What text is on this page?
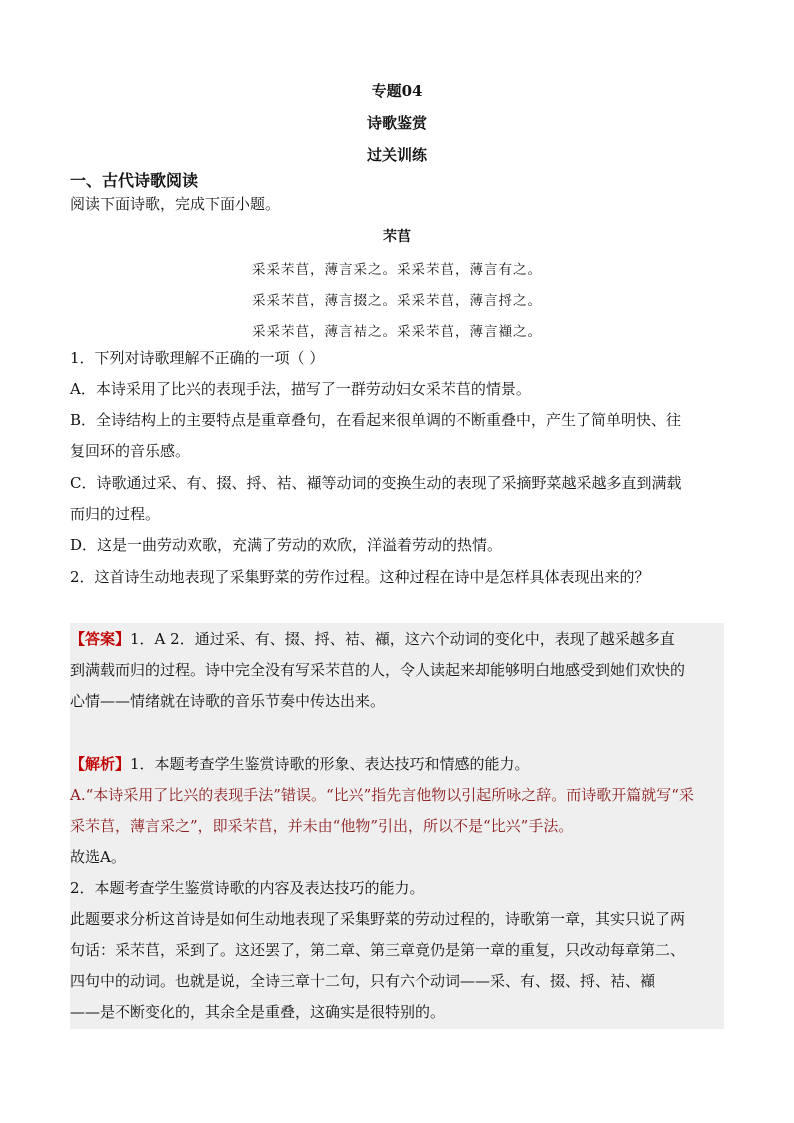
专题04
诗歌鉴赏
过关训练
一、古代诗歌阅读
阅读下面诗歌，完成下面小题。
芣苢
采采芣苢，薄言采之。采采芣苢，薄言有之。
采采芣苢，薄言掇之。采采芣苢，薄言捋之。
采采芣苢，薄言袺之。采采芣苢，薄言襭之。
1．下列对诗歌理解不正确的一项（ ）
A．本诗采用了比兴的表现手法，描写了一群劳动妇女采芣苢的情景。
B．全诗结构上的主要特点是重章叠句，在看起来很单调的不断重叠中，产生了简单明快、往
复回环的音乐感。
C．诗歌通过采、有、掇、捋、袺、襭等动词的变换生动的表现了采摘野菜越采越多直到满载
而归的过程。
D．这是一曲劳动欢歌，充满了劳动的欢欣，洋溢着劳动的热情。
2．这首诗生动地表现了采集野菜的劳作过程。这种过程在诗中是怎样具体表现出来的？

【答案】1．A 2．通过采、有、掇、捋、袺、襭，这六个动词的变化中，表现了越采越多直

到满载而归的过程。诗中完全没有写采芣苢的人，令人读起来却能够明白地感受到她们欢快的

心情——情绪就在诗歌的音乐节奏中传达出来。

【解析】1．本题考查学生鉴赏诗歌的形象、表达技巧和情感的能力。

A.“本诗采用了比兴的表现手法”错误。“比兴”指先言他物以引起所咏之辞。而诗歌开篇就写“采

采芣苢，薄言采之”，即采芣苢，并未由“他物”引出，所以不是“比兴”手法。

故选A。

2．本题考查学生鉴赏诗歌的内容及表达技巧的能力。

此题要求分析这首诗是如何生动地表现了采集野菜的劳动过程的，诗歌第一章，其实只说了两

句话：采芣苢，采到了。这还罢了，第二章、第三章竟仍是第一章的重复，只改动每章第二、

四句中的动词。也就是说，全诗三章十二句，只有六个动词——采、有、掇、捋、袺、襭

——是不断变化的，其余全是重叠，这确实是很特别的。
